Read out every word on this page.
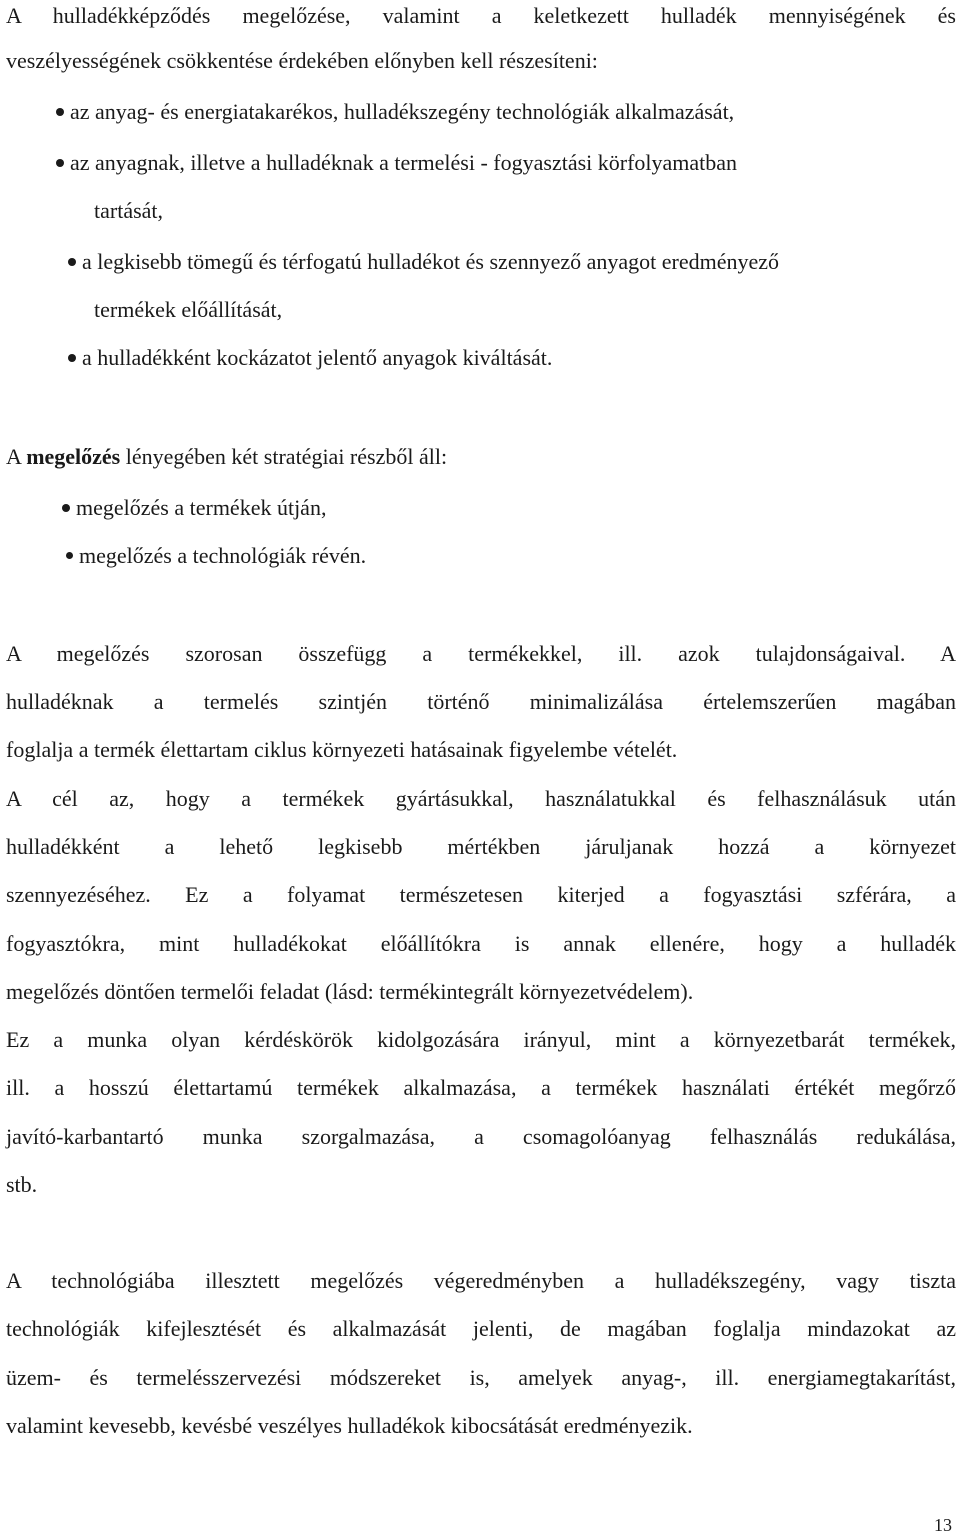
A hulladékképződés megelőzése, valamint a keletkezett hulladék mennyiségének és
veszélyességének csökkentése érdekében előnyben kell részesíteni:
az anyag- és energiatakarékos, hulladékszegény technológiák alkalmazását,
az anyagnak, illetve a hulladéknak a termelési - fogyasztási körfolyamatban
tartását,
a legkisebb tömegű és térfogatú hulladékot és szennyező anyagot eredményező
termékek előállítását,
a hulladékként kockázatot jelentő anyagok kiváltását.
A megelőzés lényegében két stratégiai részből áll:
megelőzés a termékek útján,
megelőzés a technológiák révén.
A megelőzés szorosan összefügg a termékekkel, ill. azok tulajdonságaival. A
hulladéknak a termelés szintjén történő minimalizálása értelemszerűen magában
foglalja a termék élettartam ciklus környezeti hatásainak figyelembe vételét.
A cél az, hogy a termékek gyártásukkal, használatukkal és felhasználásuk után
hulladékként a lehető legkisebb mértékben járuljanak hozzá a környezet
szennyezéséhez. Ez a folyamat természetesen kiterjed a fogyasztási szférára, a
fogyasztókra, mint hulladékokat előállítókra is annak ellenére, hogy a hulladék
megelőzés döntően termelői feladat (lásd: termékintegrált környezetvédelem).
Ez a munka olyan kérdéskörök kidolgozására irányul, mint a környezetbarát termékek,
ill. a hosszú élettartamú termékek alkalmazása, a termékek használati értékét megőrző
javító-karbantartó munka szorgalmazása, a csomagolóanyag felhasználás redukálása,
stb.
A technológiába illesztett megelőzés végeredményben a hulladékszegény, vagy tiszta
technológiák kifejlesztését és alkalmazását jelenti, de magában foglalja mindazokat az
üzem- és termelésszervezési módszereket is, amelyek anyag-, ill. energiamegtakarítást,
valamint kevesebb, kevésbé veszélyes hulladékok kibocsátását eredményezik.
13
